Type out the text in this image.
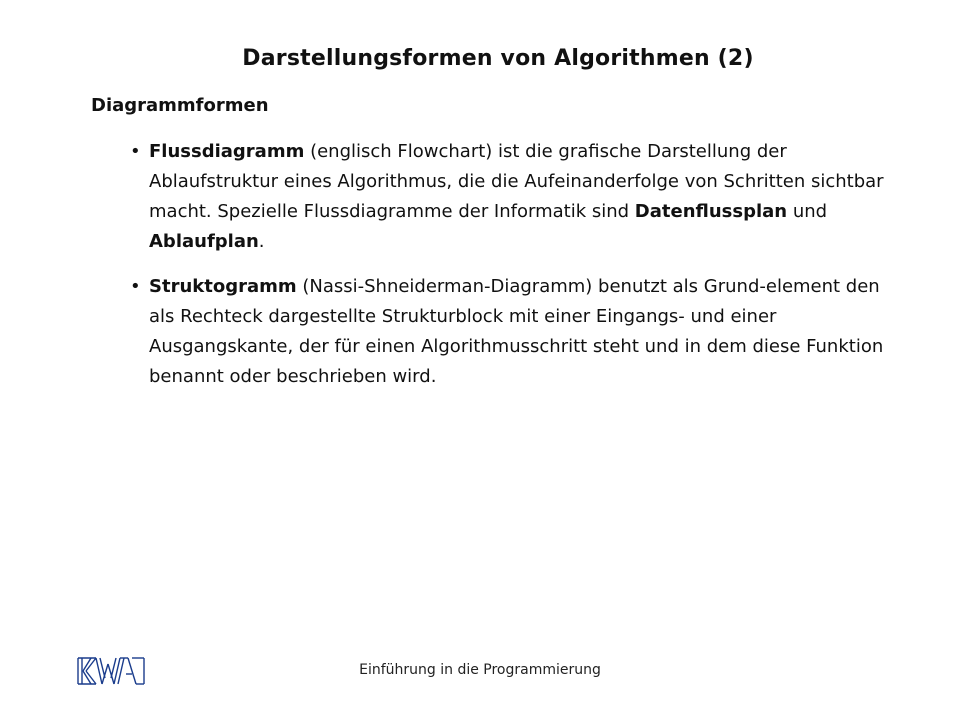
Darstellungsformen von Algorithmen (2)
Diagrammformen
• Flussdiagramm (englisch Flowchart) ist die grafische Darstellung der Ablaufstruktur eines Algorithmus, die die Aufeinanderfolge von Schritten sichtbar macht. Spezielle Flussdiagramme der Informatik sind Datenflussplan und Ablaufplan.
• Struktogramm (Nassi-Shneiderman-Diagramm) benutzt als Grund-element den als Rechteck dargestellte Strukturblock mit einer Eingangs- und einer Ausgangskante, der für einen Algorithmusschritt steht und in dem diese Funktion benannt oder beschrieben wird.
Einführung in die Programmierung
